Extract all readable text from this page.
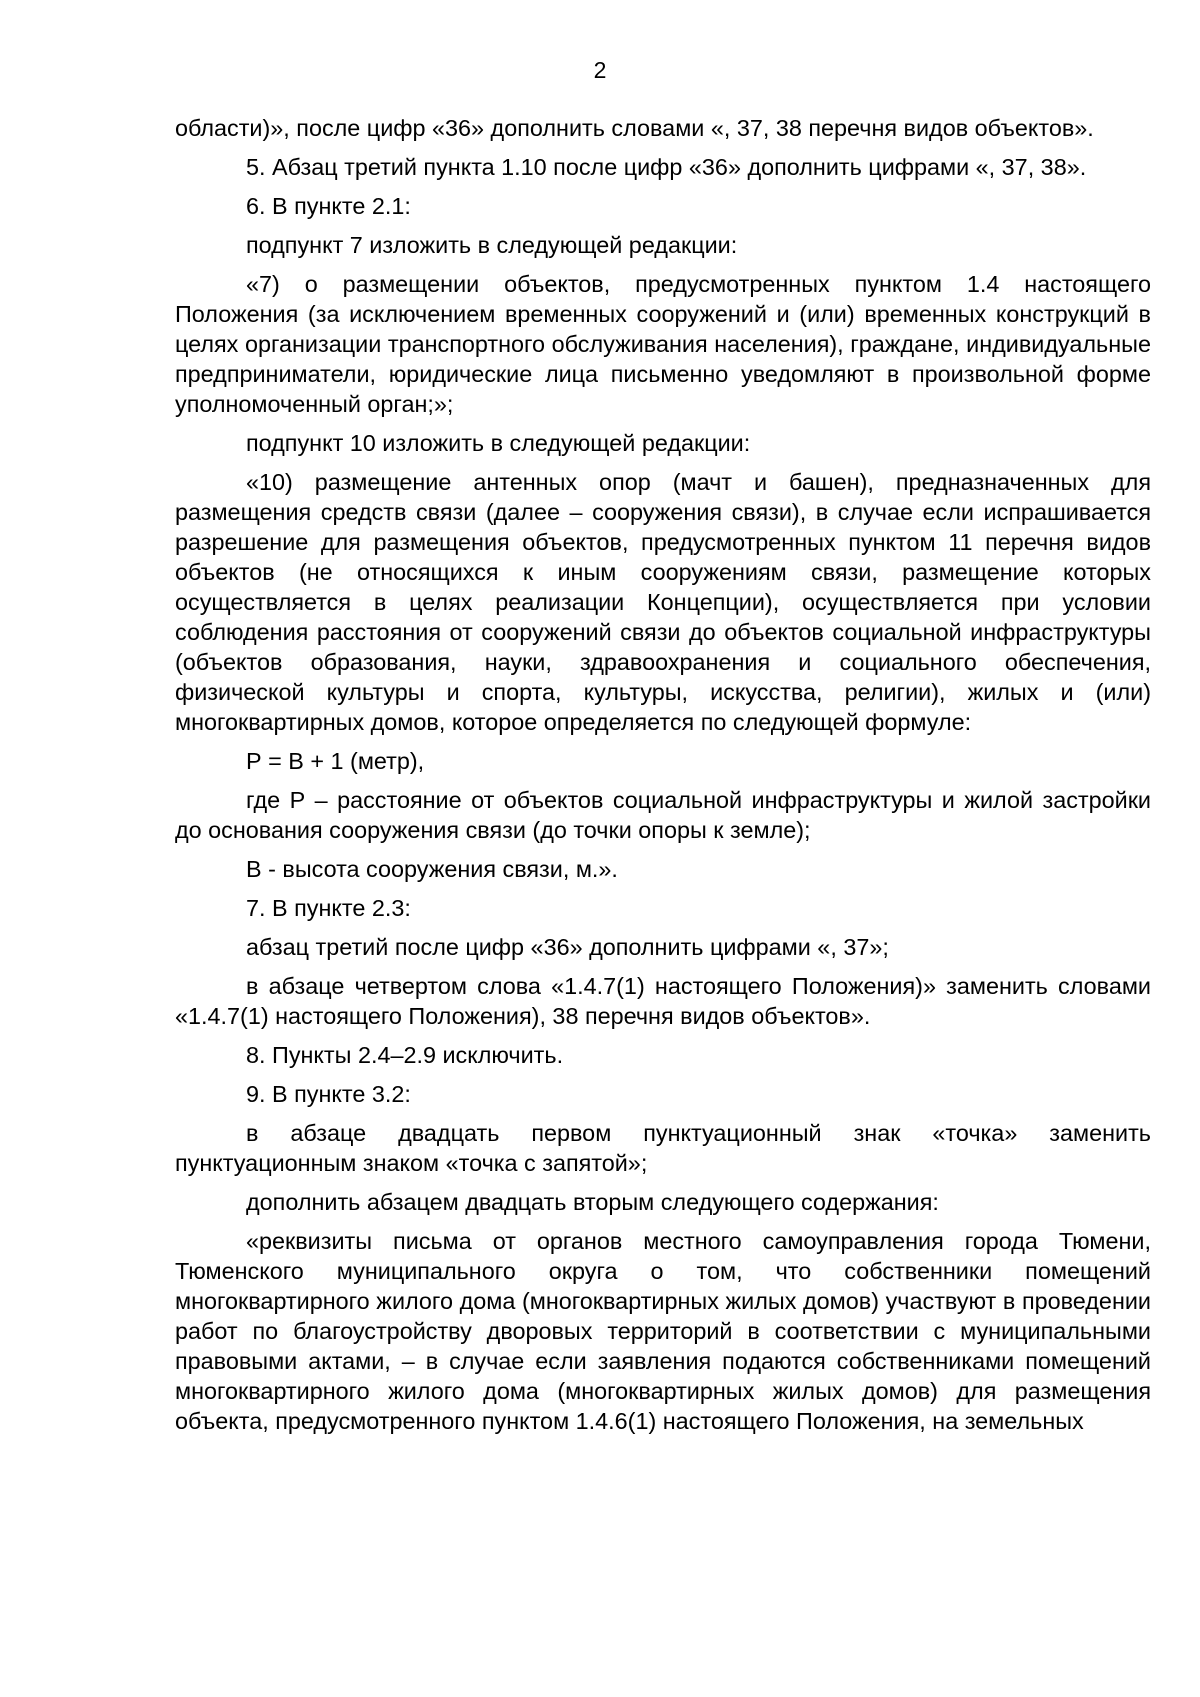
2

области)», после цифр «36» дополнить словами «, 37, 38 перечня видов объектов».

5. Абзац третий пункта 1.10 после цифр «36» дополнить цифрами «, 37, 38».

6. В пункте 2.1:

подпункт 7 изложить в следующей редакции:

«7) о размещении объектов, предусмотренных пунктом 1.4 настоящего Положения (за исключением временных сооружений и (или) временных конструкций в целях организации транспортного обслуживания населения), граждане, индивидуальные предприниматели, юридические лица письменно уведомляют в произвольной форме уполномоченный орган;»;

подпункт 10 изложить в следующей редакции:

«10) размещение антенных опор (мачт и башен), предназначенных для размещения средств связи (далее – сооружения связи), в случае если испрашивается разрешение для размещения объектов, предусмотренных пунктом 11 перечня видов объектов (не относящихся к иным сооружениям связи, размещение которых осуществляется в целях реализации Концепции), осуществляется при условии соблюдения расстояния от сооружений связи до объектов социальной инфраструктуры (объектов образования, науки, здравоохранения и социального обеспечения, физической культуры и спорта, культуры, искусства, религии), жилых и (или) многоквартирных домов, которое определяется по следующей формуле:

Р = В + 1 (метр),

где Р – расстояние от объектов социальной инфраструктуры и жилой застройки до основания сооружения связи (до точки опоры к земле);

В - высота сооружения связи, м.».

7. В пункте 2.3:

абзац третий после цифр «36» дополнить цифрами «, 37»;

в абзаце четвертом слова «1.4.7(1) настоящего Положения)» заменить словами «1.4.7(1) настоящего Положения), 38 перечня видов объектов».

8. Пункты 2.4–2.9 исключить.

9. В пункте 3.2:

в абзаце двадцать первом пунктуационный знак «точка» заменить пунктуационным знаком «точка с запятой»;

дополнить абзацем двадцать вторым следующего содержания:

«реквизиты письма от органов местного самоуправления города Тюмени, Тюменского муниципального округа о том, что собственники помещений многоквартирного жилого дома (многоквартирных жилых домов) участвуют в проведении работ по благоустройству дворовых территорий в соответствии с муниципальными правовыми актами, – в случае если заявления подаются собственниками помещений многоквартирного жилого дома (многоквартирных жилых домов) для размещения объекта, предусмотренного пунктом 1.4.6(1) настоящего Положения, на земельных
